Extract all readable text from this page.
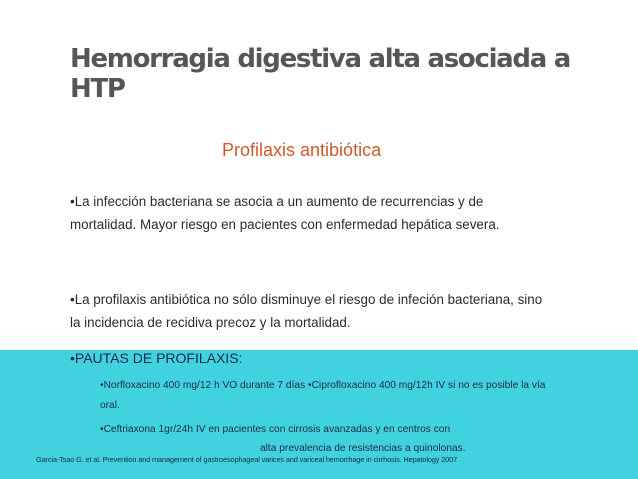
Hemorragia digestiva alta asociada a HTP
Profilaxis antibiótica
•La infección bacteriana se asocia a un aumento de recurrencias y de mortalidad. Mayor riesgo en pacientes con enfermedad hepática severa.
•La profilaxis antibiótica no sólo disminuye el riesgo de infeción bacteriana, sino la incidencia de recidiva precoz y la mortalidad.
•PAUTAS DE PROFILAXIS:
•Norfloxacino 400 mg/12 h VO durante 7 días •Ciprofloxacino 400 mg/12h IV si no es posible la vía oral.
•Ceftriaxona 1gr/24h IV en pacientes con cirrosis avanzadas y en centros con
alta prevalencia de resistencias a quinolonas.
Garcia-Tsao G. et al. Prevention and management of gastroesophageal varices and variceal hemorrhage in cirrhosis. Hepatology 2007
